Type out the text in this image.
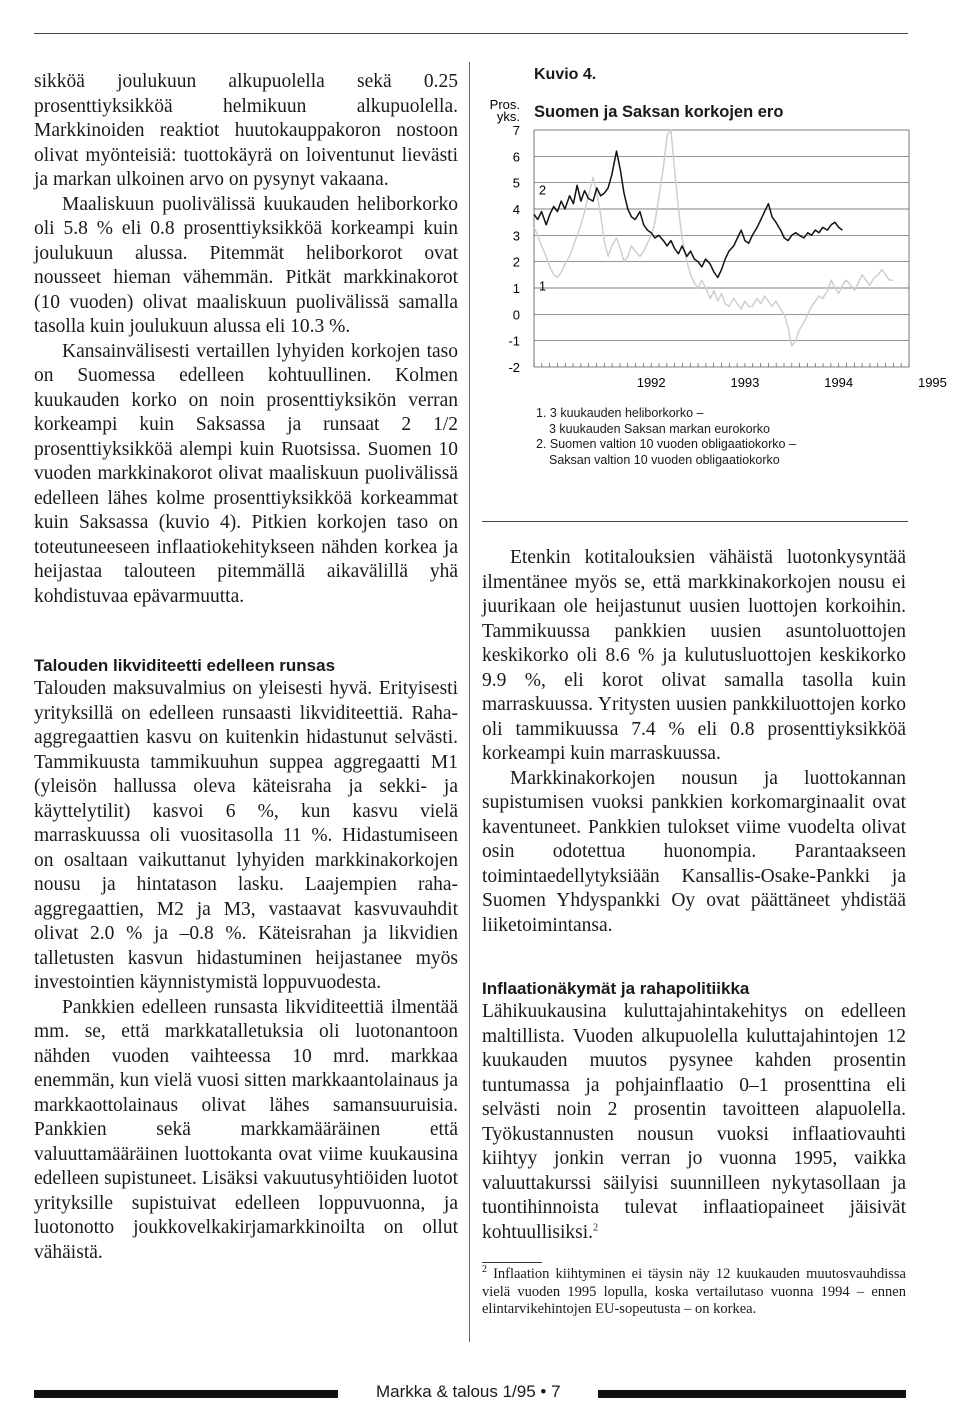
sikköä joulukuun alkupuolella sekä 0.25 prosenttiyksikköä helmikuun alkupuolella. Markkinoiden reaktiot huutokauppakoron nostoon olivat myönteisiä: tuottokäyrä on loiventunut lievästi ja markan ulkoinen arvo on pysynyt vakaana.

Maaliskuun puolivälissä kuukauden heliborkorko oli 5.8 % eli 0.8 prosenttiyksikköä korkeampi kuin joulukuun alussa. Pitemmät heliborkorot ovat nousseet hieman vähemmän. Pitkät markkinakorot (10 vuoden) olivat maaliskuun puolivälissä samalla tasolla kuin joulukuun alussa eli 10.3 %.

Kansainvälisesti vertaillen lyhyiden korkojen taso on Suomessa edelleen kohtuullinen. Kolmen kuukauden korko on noin prosenttiyksikön verran korkeampi kuin Saksassa ja runsaat 2 1/2 prosenttiyksikköä alempi kuin Ruotsissa. Suomen 10 vuoden markkinakorot olivat maaliskuun puolivälissä edelleen lähes kolme prosenttiyksikköä korkeammat kuin Saksassa (kuvio 4). Pitkien korkojen taso on toteutuneeseen inflaatiokehitykseen nähden korkea ja heijastaa talouteen pitemmällä aikavälillä yhä kohdistuvaa epävarmuutta.

Talouden likviditeetti edelleen runsas

Talouden maksuvalmius on yleisesti hyvä. Erityisesti yrityksillä on edelleen runsaasti likviditeettiä. Raha-aggregaattien kasvu on kuitenkin hidastunut selvästi. Tammikuusta tammikuuhun suppea aggregaatti M1 (yleisön hallussa oleva käteisraha ja sekki- ja käyttelytilit) kasvoi 6 %, kun kasvu vielä marraskuussa oli vuositasolla 11 %. Hidastumiseen on osaltaan vaikuttanut lyhyiden markkinakorkojen nousu ja hintatason lasku. Laajempien raha-aggregaattien, M2 ja M3, vastaavat kasvuvauhdit olivat 2.0 % ja –0.8 %. Käteisrahan ja likvidien talletusten kasvun hidastuminen heijastanee myös investointien käynnistymistä loppuvuodesta.

Pankkien edelleen runsasta likviditeettiä ilmentää mm. se, että markkatalletuksia oli luotonantoon nähden vuoden vaihteessa 10 mrd. markkaa enemmän, kun vielä vuosi sitten markkaantolainaus ja markkaottolainaus olivat lähes samansuuruisia. Pankkien sekä markkamääräinen että valuuttamääräinen luottokanta ovat viime kuukausina edelleen supistuneet. Lisäksi vakuutusyhtiöiden luotot yrityksille supistuivat edelleen loppuvuonna, ja luotonotto joukkovelkakirjamarkkinoilta on ollut vähäistä.

Kuvio 4.
Suomen ja Saksan korkojen ero
7
6
5
4
3
2
1
0
-1
-2
Pros.
yks.
1992	1993	1994	1995
1
2
1. 3 kuukauden heliborkorko –
3 kuukauden Saksan markan eurokorko
2. Suomen valtion 10 vuoden obligaatiokorko –
Saksan valtion 10 vuoden obligaatiokorko

Etenkin kotitalouksien vähäistä luotonkysyntää ilmentänee myös se, että markkinakorkojen nousu ei juurikaan ole heijastunut uusien luottojen korkoihin. Tammikuussa pankkien uusien asuntoluottojen keskikorko oli 8.6 % ja kulutusluottojen keskikorko 9.9 %, eli korot olivat samalla tasolla kuin marraskuussa. Yritysten uusien pankkiluottojen korko oli tammikuussa 7.4 % eli 0.8 prosenttiyksikköä korkeampi kuin marraskuussa.

Markkinakorkojen nousun ja luottokannan supistumisen vuoksi pankkien korkomarginaalit ovat kaventuneet. Pankkien tulokset viime vuodelta olivat osin odotettua huonompia. Parantaakseen toimintaedellytyksiään Kansallis-Osake-Pankki ja Suomen Yhdyspankki Oy ovat päättäneet yhdistää liiketoimintansa.

Inflaationäkymät ja rahapolitiikka

Lähikuukausina kuluttajahintakehitys on edelleen maltillista. Vuoden alkupuolella kuluttajahintojen 12 kuukauden muutos pysynee kahden prosentin tuntumassa ja pohjainflaatio 0–1 prosenttina eli selvästi noin 2 prosentin tavoitteen alapuolella. Työkustannusten nousun vuoksi inflaatiovauhti kiihtyy jonkin verran jo vuonna 1995, vaikka valuuttakurssi säilyisi suunnilleen nykytasollaan ja tuontihinnoista tulevat inflaatiopaineet jäisivät kohtuullisiksi.$^2$

$^2$ Inflaation kiihtyminen ei täysin näy 12 kuukauden muutosvauhdissa vielä vuoden 1995 lopulla, koska vertailutaso vuonna 1994 – ennen elintarvikehintojen EU-sopeutusta – on korkea.
Markka & talous 1/95 • 7
